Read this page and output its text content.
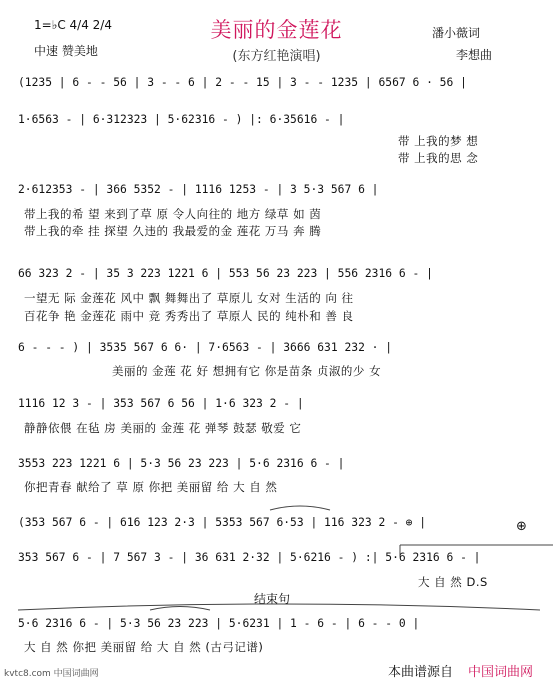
美丽的金莲花
(东方红艳演唱)
1=♭C 4/4 2/4
中速 赞美地
潘小薇词
李想曲
(1235 | 6 - - 56 | 3 - - 6 | 2 - - 15 | 3 - - 1235 | 6567 6 · 56 |
1·6563 - | 6·312323 | 5·62316 - ) |: 6·35616 - |
带 上我的梦 想
带 上我的思 念
2·612353 - | 366 5352 - | 1116 1253 - | 3 5·3 567 6 |
带上我的希 望 来到了草 原 令人向往的 地方 绿草 如 茵
带上我的牵 挂 探望 久违的 我最爱的金 莲花 万马 奔 腾
66 323 2 - | 35 3 223 1221 6 | 553 56 23 223 | 556 2316 6 - |
一望无 际 金莲花 风中 飘 舞舞出了 草原儿 女对 生活的 向 往
百花争 艳 金莲花 雨中 竞 秀秀出了 草原人 民的 纯朴和 善 良
6 - - - ) | 3535 567 6 6· | 7·6563 - | 3666 631 232 · |
美丽的 金莲 花 好 想拥有它 你是苗条 贞淑的少 女
1116 12 3 - | 353 567 6 56 | 1·6 323 2 - |
静静依偎 在毡 房 美丽的 金莲 花 弹琴 鼓瑟 敬爱 它
3553 223 1221 6 | 5·3 56 23 223 | 5·6 2316 6 - |
你把青春 献给了 草 原 你把 美丽留 给 大 自 然
(353 567 6 - | 616 123 2·3 | 5353 567 6·53 | 116 323 2 - ⊕ |	⊕
353 567 6 - | 7 567 3 - | 36 631 2·32 | 5·6216 - ) :| 5·6 2316 6 - |
大 自 然 D.S
结束句
5·6 2316 6 - | 5·3 56 23 223 | 5·6231 | 1 - 6 - | 6 - - 0 |
大 自 然 你把 美丽留 给 大 自 然 (古弓记谱)
kvtc8.com 中国词曲网	本曲谱源自 中国词曲网
